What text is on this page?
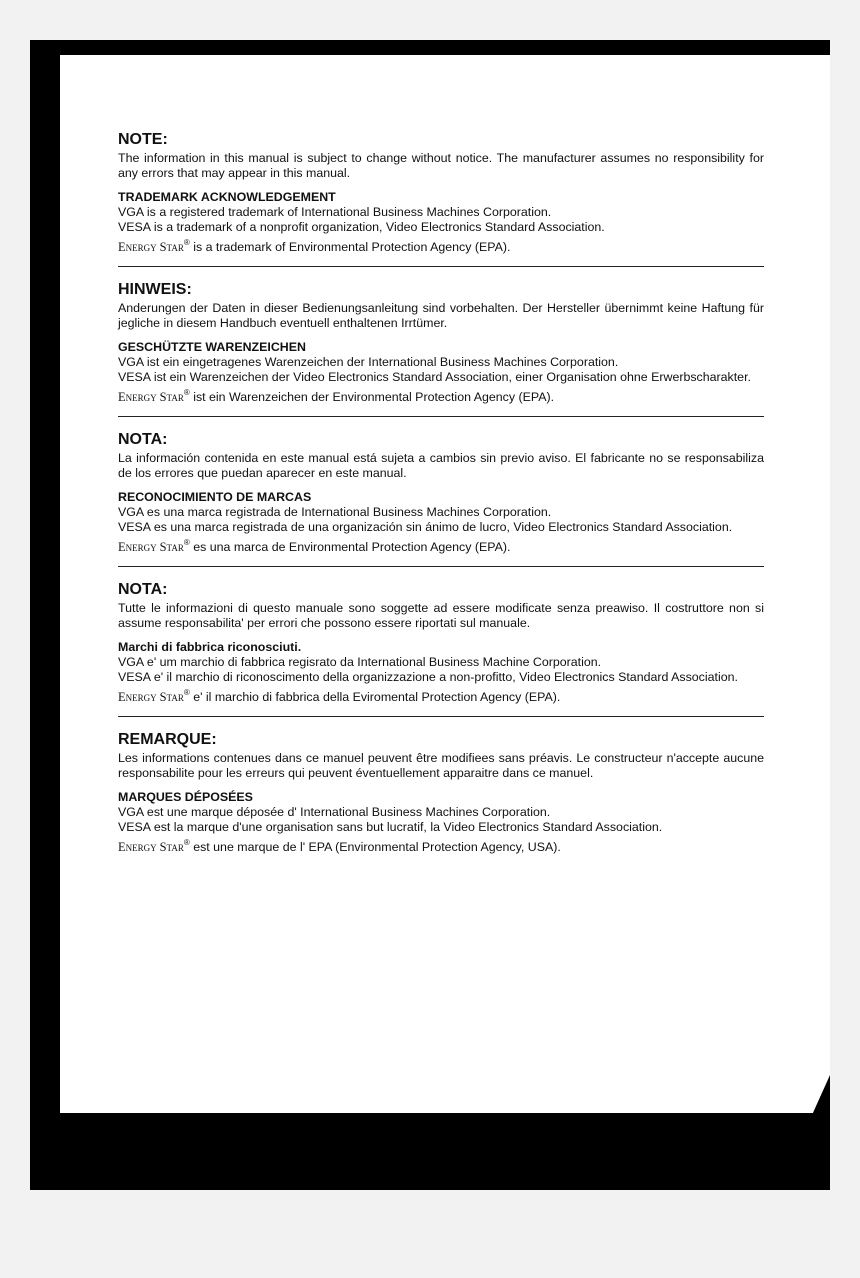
NOTE:

The information in this manual is subject to change without notice. The manufacturer assumes no responsibility for any errors that may appear in this manual.

TRADEMARK ACKNOWLEDGEMENT

VGA is a registered trademark of International Business Machines Corporation.

VESA is a trademark of a nonprofit organization, Video Electronics Standard Association.

Energy Star® is a trademark of Environmental Protection Agency (EPA).

HINWEIS:

Anderungen der Daten in dieser Bedienungsanleitung sind vorbehalten. Der Hersteller übernimmt keine Haftung für jegliche in diesem Handbuch eventuell enthaltenen Irrtümer.

GESCHÜTZTE WARENZEICHEN

VGA ist ein eingetragenes Warenzeichen der International Business Machines Corporation.

VESA ist ein Warenzeichen der Video Electronics Standard Association, einer Organisation ohne Erwerbscharakter.

Energy Star® ist ein Warenzeichen der Environmental Protection Agency (EPA).

NOTA:

La información contenida en este manual está sujeta a cambios sin previo aviso. El fabricante no se responsabiliza de los errores que puedan aparecer en este manual.

RECONOCIMIENTO DE MARCAS

VGA es una marca registrada de International Business Machines Corporation.

VESA es una marca registrada de una organización sin ánimo de lucro, Video Electronics Standard Association.

Energy Star® es una marca de Environmental Protection Agency (EPA).

NOTA:

Tutte le informazioni di questo manuale sono soggette ad essere modificate senza preawiso. Il costruttore non si assume responsabilita' per errori che possono essere riportati sul manuale.

Marchi di fabbrica riconosciuti.

VGA e' um marchio di fabbrica regisrato da International Business Machine Corporation.

VESA e' il marchio di riconoscimento della organizzazione a non-profitto, Video Electronics Standard Association.

Energy Star® e' il marchio di fabbrica della Eviromental Protection Agency (EPA).

REMARQUE:

Les informations contenues dans ce manuel peuvent être modifiees sans préavis. Le constructeur n'accepte aucune responsabilite pour les erreurs qui peuvent éventuellement apparaitre dans ce manuel.

MARQUES DÉPOSÉES

VGA est une marque déposée d' International Business Machines Corporation.

VESA est la marque d'une organisation sans but lucratif, la Video Electronics Standard Association.

Energy Star® est une marque de l' EPA (Environmental Protection Agency, USA).
